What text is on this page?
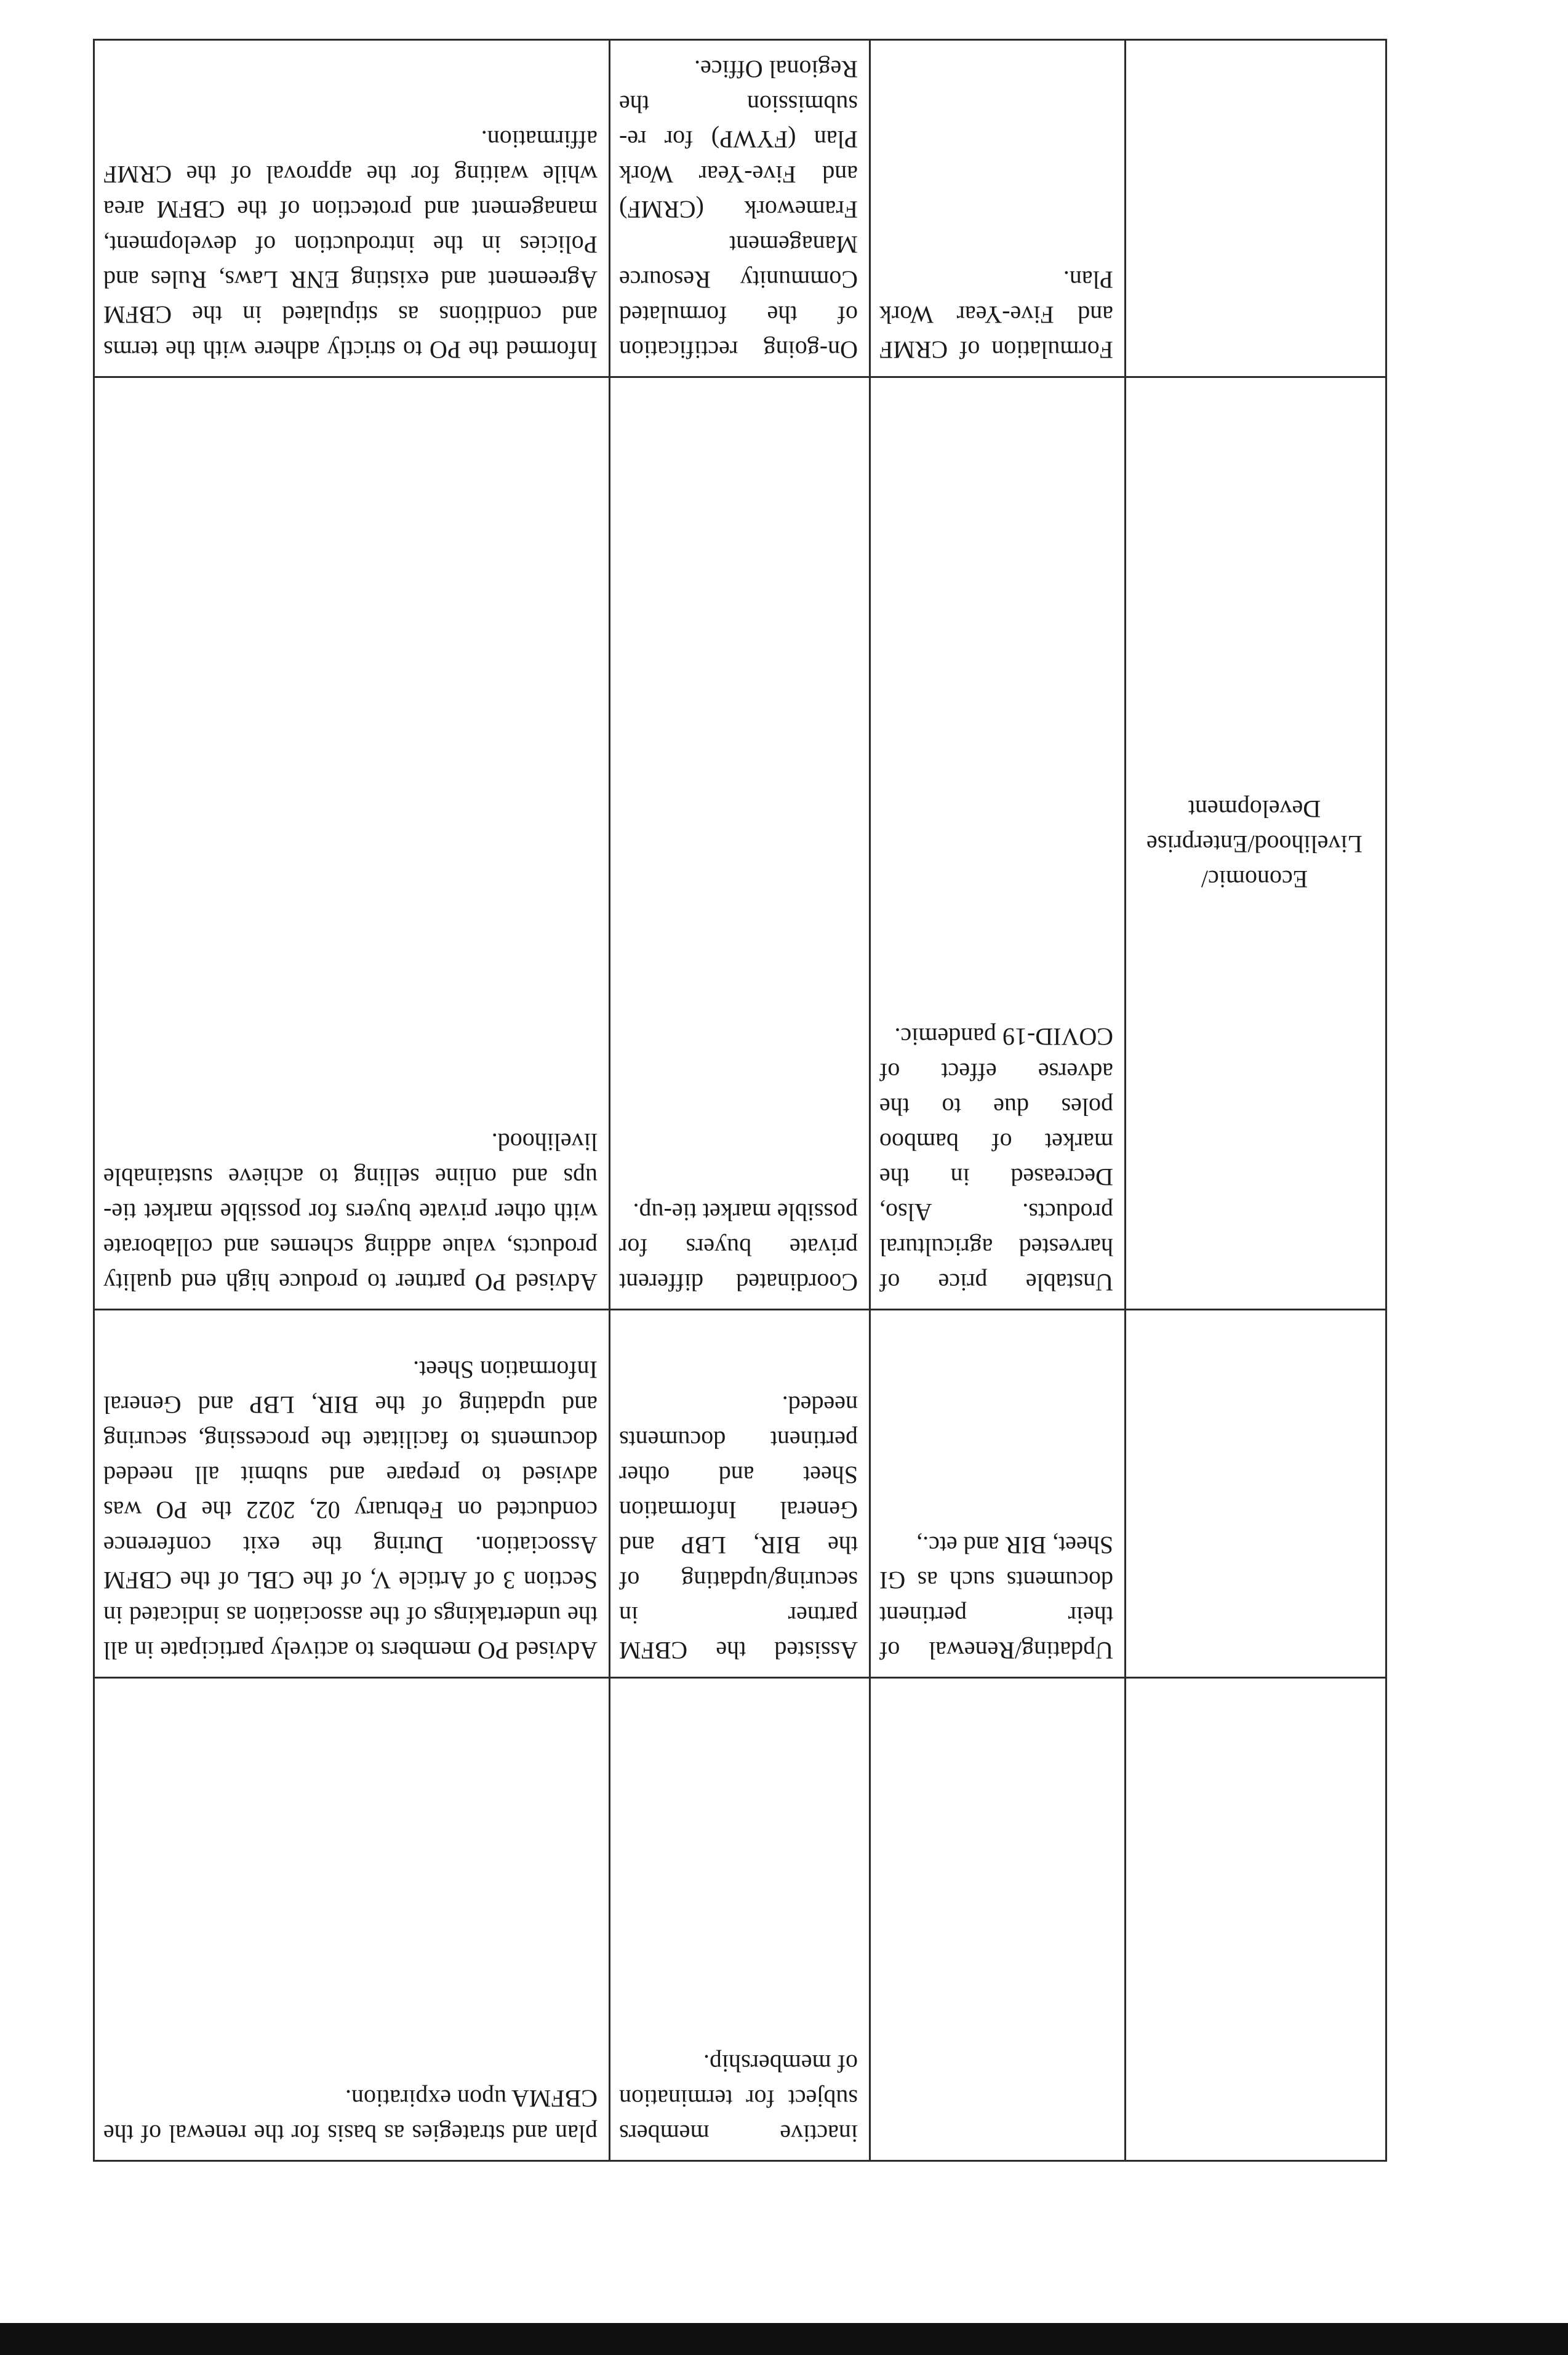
		inactive members subject for termination of membership.	plan and strategies as basis for the renewal of the CBFMA upon expiration.
	Updating/Renewal of their pertinent documents such as GI Sheet, BIR and etc.,	Assisted the CBFM partner in securing/updating of the BIR, LBP and General Information Sheet and other pertinent documents needed.	Advised PO members to actively participate in all the undertakings of the association as indicated in Section 3 of Article V, of the CBL of the CBFM Association. During the exit conference conducted on February 02, 2022 the PO was advised to prepare and submit all needed documents to facilitate the processing, securing and updating of the BIR, LBP and General Information Sheet.
Economic/ Livelihood/Enterprise Development	Unstable price of harvested agricultural products. Also, Decreased in the market of bamboo poles due to the adverse effect of COVID-19 pandemic.	Coordinated different private buyers for possible market tie-up.	Advised PO partner to produce high end quality products, value adding schemes and collaborate with other private buyers for possible market tie-ups and online selling to achieve sustainable livelihood.
	Formulation of CRMF and Five-Year Work Plan.	On-going rectification of the formulated Community Resource Management Framework (CRMF) and Five-Year Work Plan (FYWP) for re-submission the Regional Office.	Informed the PO to strictly adhere with the terms and conditions as stipulated in the CBFM Agreement and existing ENR Laws, Rules and Policies in the introduction of development, management and protection of the CBFM area while waiting for the approval of the CRMF affirmation.
